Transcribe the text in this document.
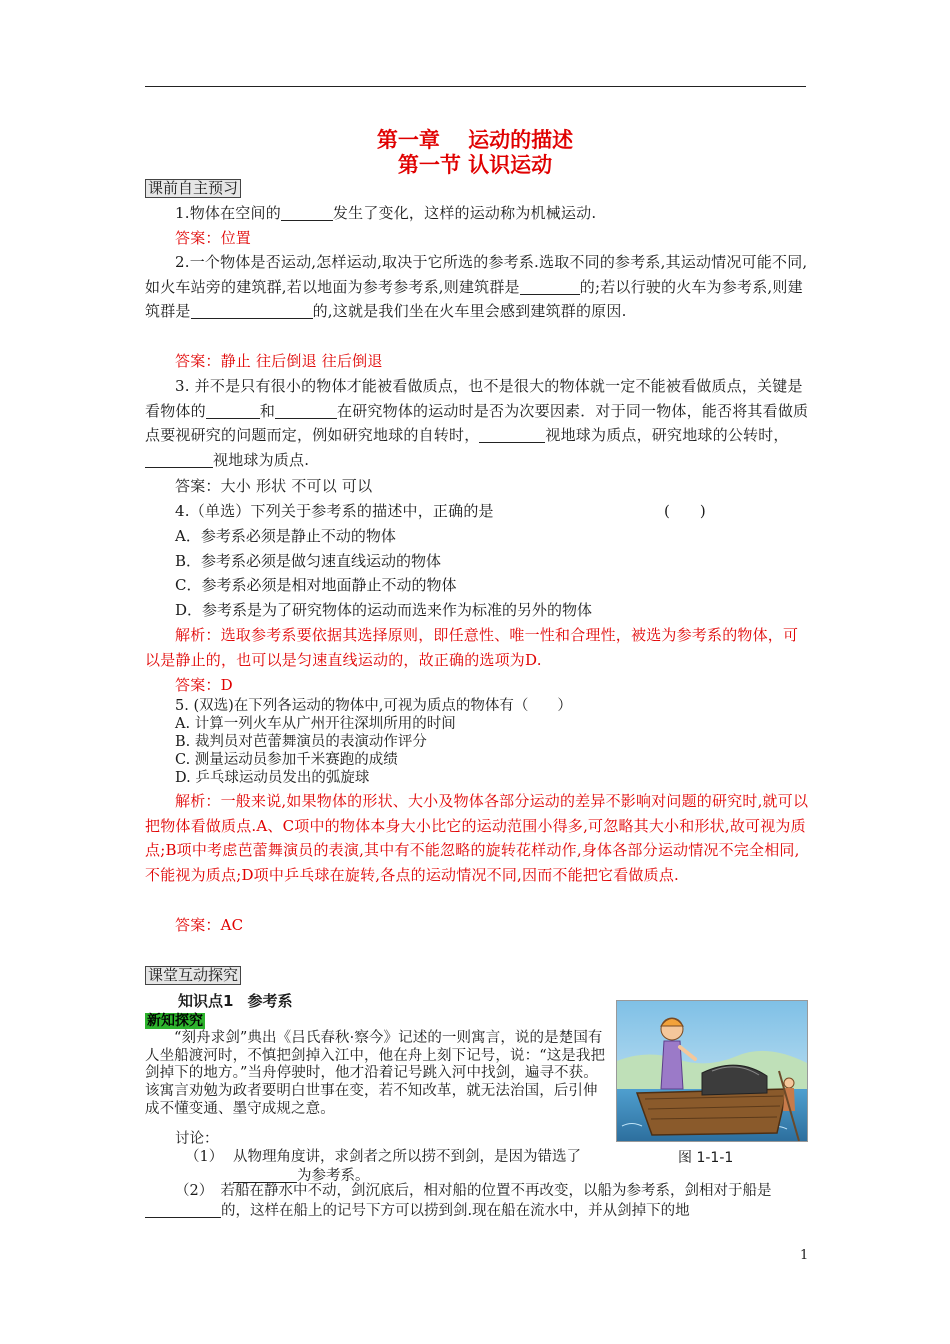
第一章　 运动的描述
第一节 认识运动
课前自主预习
1.物体在空间的	发生了变化，这样的运动称为机械运动.
答案：位置
2.一个物体是否运动,怎样运动,取决于它所选的参考系.选取不同的参考系,其运动情况可能不同,如火车站旁的建筑群,若以地面为参考参考系,则建筑群是	的;若以行驶的火车为参考系,则建筑群是	的,这就是我们坐在火车里会感到建筑群的原因.
答案：静止 往后倒退 往后倒退
3. 并不是只有很小的物体才能被看做质点，也不是很大的物体就一定不能被看做质点，关键是看物体的	和	在研究物体的运动时是否为次要因素．对于同一物体，能否将其看做质点要视研究的问题而定，例如研究地球的自转时，	视地球为质点，研究地球的公转时，视地球为质点.
答案：大小 形状 不可以 可以
4.（单选）下列关于参考系的描述中，正确的是	(　　)
A．参考系必须是静止不动的物体
B．参考系必须是做匀速直线运动的物体
C．参考系必须是相对地面静止不动的物体
D．参考系是为了研究物体的运动而选来作为标准的另外的物体
解析：选取参考系要依据其选择原则，即任意性、唯一性和合理性，被选为参考系的物体，可以是静止的，也可以是匀速直线运动的，故正确的选项为D.
答案：D
5. (双选)在下列各运动的物体中,可视为质点的物体有（　　）
A. 计算一列火车从广州开往深圳所用的时间
B. 裁判员对芭蕾舞演员的表演动作评分
C. 测量运动员参加千米赛跑的成绩
D. 乒乓球运动员发出的弧旋球
解析：一般来说,如果物体的形状、大小及物体各部分运动的差异不影响对问题的研究时,就可以把物体看做质点.A、C项中的物体本身大小比它的运动范围小得多,可忽略其大小和形状,故可视为质点;B项中考虑芭蕾舞演员的表演,其中有不能忽略的旋转花样动作,身体各部分运动情况不完全相同,不能视为质点;D项中乒乓球在旋转,各点的运动情况不同,因而不能把它看做质点.
答案：AC
课堂互动探究
知识点1 参考系
新知探究
“刻舟求剑”典出《吕氏春秋·察今》记述的一则寓言，说的是楚国有人坐船渡河时，不慎把剑掉入江中，他在舟上刻下记号，说：“这是我把剑掉下的地方。”当舟停驶时，他才沿着记号跳入河中找剑，遍寻不获。该寓言劝勉为政者要明白世事在变，若不知改革，就无法治国，后引伸成不懂变通、墨守成规之意。
图 1-1-1
讨论：
（1） 从物理角度讲，求剑者之所以捞不到剑，是因为错选了为参考系。
（2）　若船在静水中不动，剑沉底后，相对船的位置不再改变，以船为参考系，剑相对于船是的，这样在船上的记号下方可以捞到剑.现在船在流水中，并从剑掉下的地
1
